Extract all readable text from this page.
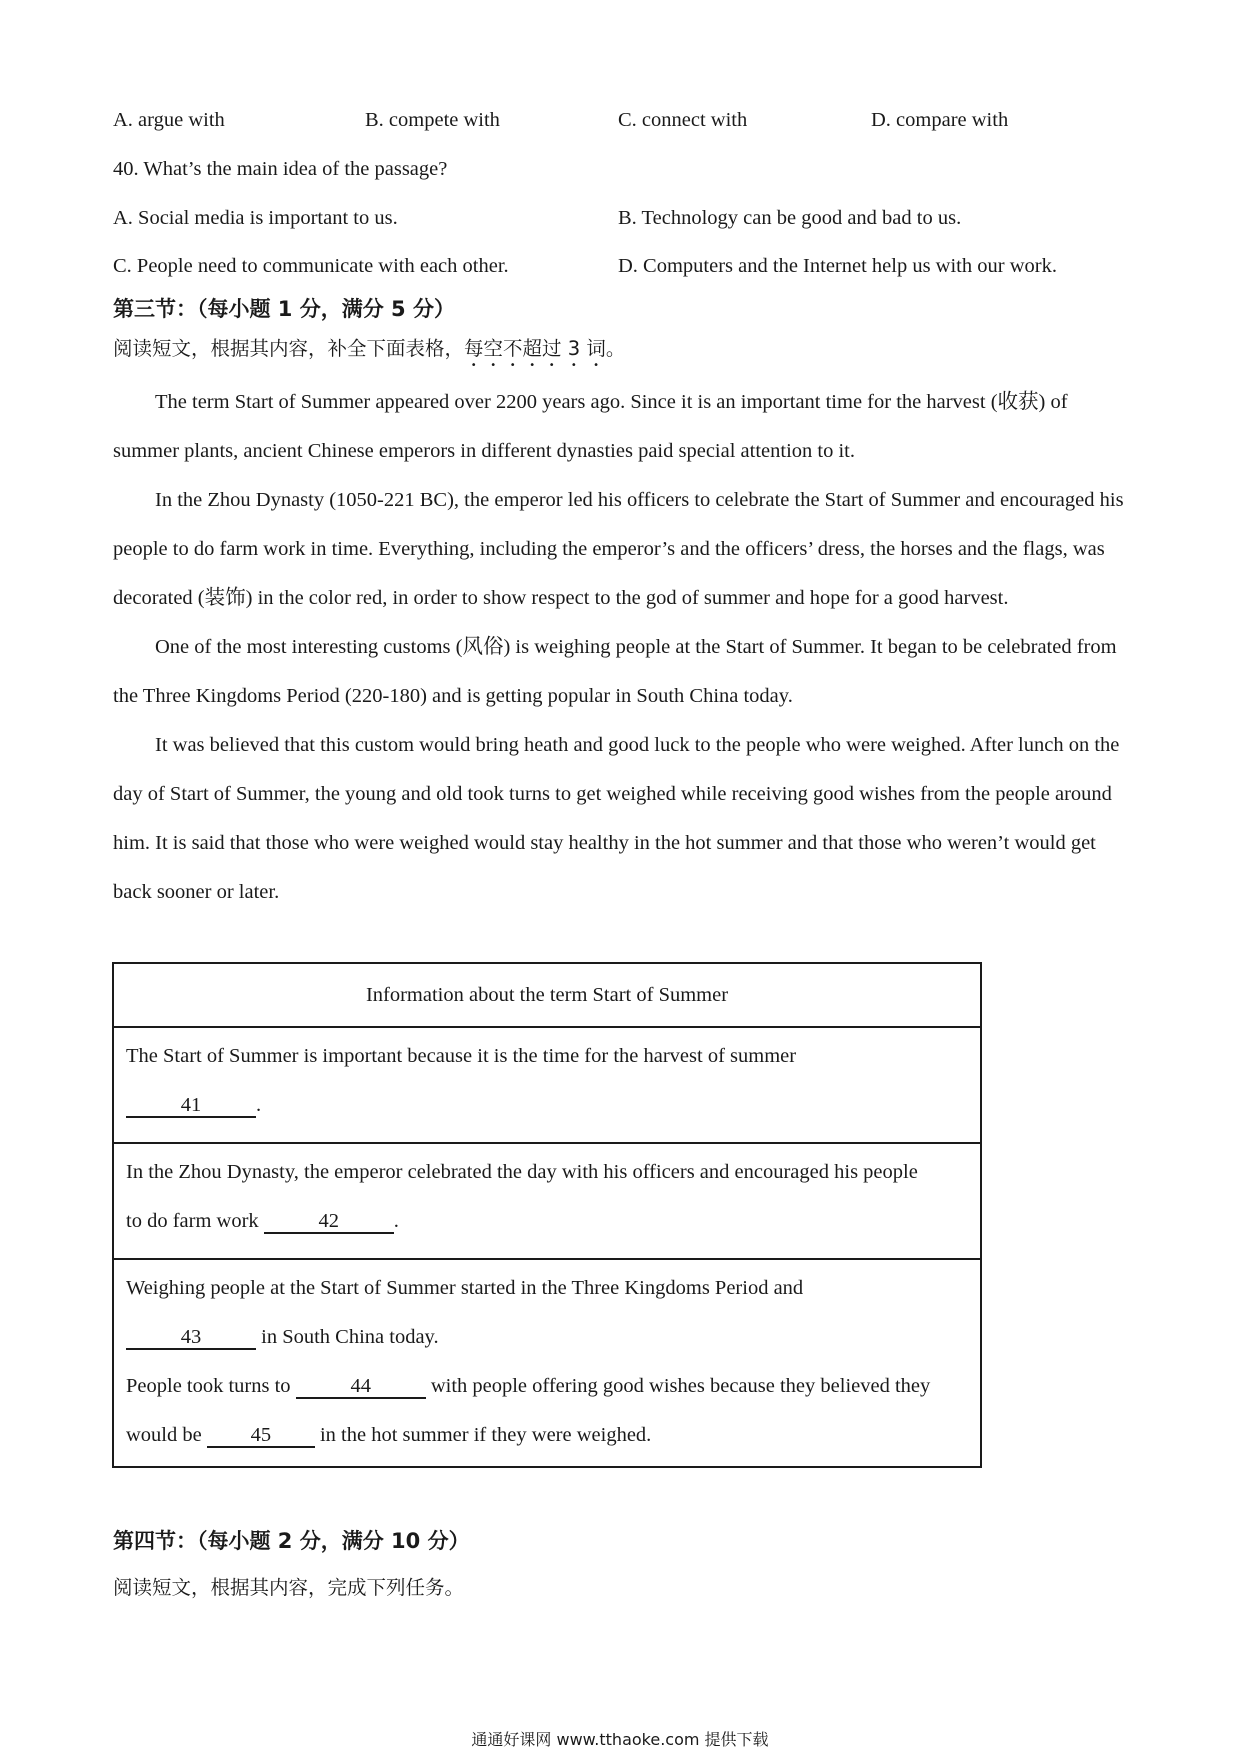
A. argue with	B. compete with	C. connect with	D. compare with
40. What’s the main idea of the passage?
A. Social media is important to us.	B. Technology can be good and bad to us.
C. People need to communicate with each other.	D. Computers and the Internet help us with our work.
第三节：（每小题 1 分，满分 5 分）
阅读短文，根据其内容，补全下面表格，每空不超过 3 词。

The term Start of Summer appeared over 2200 years ago. Since it is an important time for the harvest (收获) of summer plants, ancient Chinese emperors in different dynasties paid special attention to it.

In the Zhou Dynasty (1050-221 BC), the emperor led his officers to celebrate the Start of Summer and encouraged his people to do farm work in time. Everything, including the emperor’s and the officers’ dress, the horses and the flags, was decorated (装饰) in the color red, in order to show respect to the god of summer and hope for a good harvest.

One of the most interesting customs (风俗) is weighing people at the Start of Summer. It began to be celebrated from the Three Kingdoms Period (220-180) and is getting popular in South China today.

It was believed that this custom would bring heath and good luck to the people who were weighed. After lunch on the day of Start of Summer, the young and old took turns to get weighed while receiving good wishes from the people around him. It is said that those who were weighed would stay healthy in the hot summer and that those who weren’t would get back sooner or later.

Information about the term Start of Summer
The Start of Summer is important because it is the time for the harvest of summer
41	.
In the Zhou Dynasty, the emperor celebrated the day with his officers and encouraged his people to do farm work	42	.
Weighing people at the Start of Summer started in the Three Kingdoms Period and
43	in South China today.
People took turns to	44	with people offering good wishes because they believed they would be 45 in the hot summer if they were weighed.
第四节：（每小题 2 分，满分 10 分）
阅读短文，根据其内容，完成下列任务。
通通好课网 www.tthaoke.com 提供下载
